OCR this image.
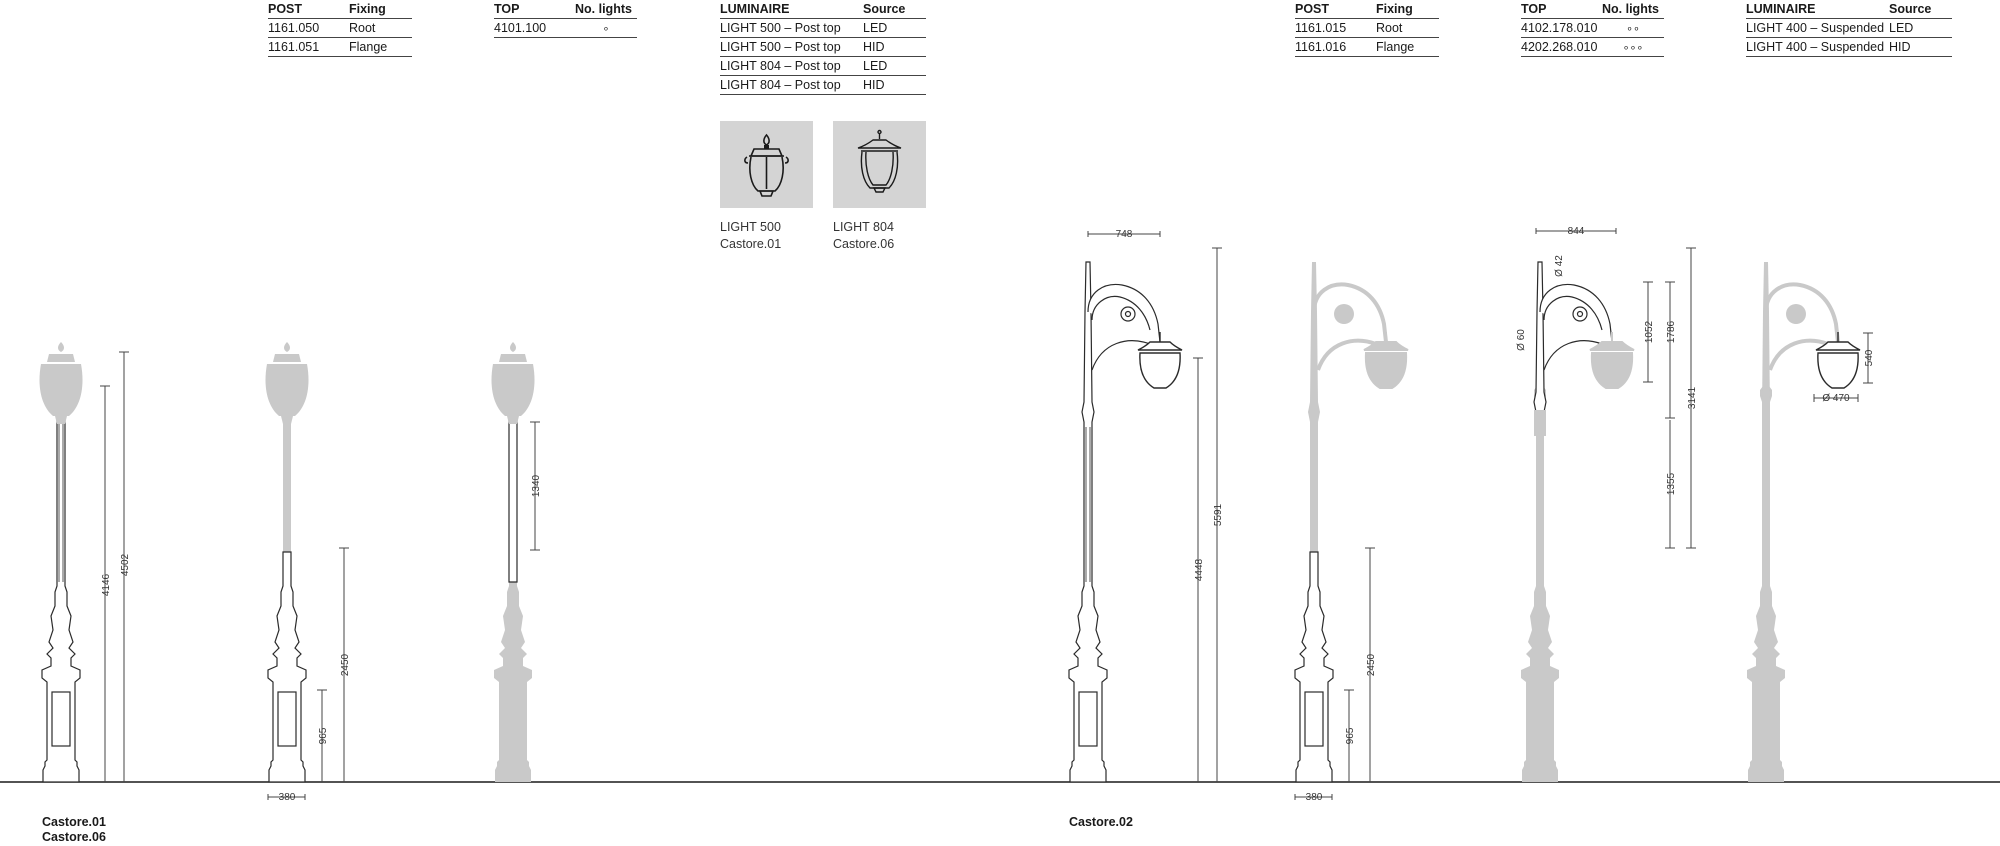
POST	Fixing
1161.050	Root
1161.051	Flange
TOP	No. lights
4101.100	∘
LUMINAIRE	Source
LIGHT 500 – Post top	LED
LIGHT 500 – Post top	HID
LIGHT 804 – Post top	LED
LIGHT 804 – Post top	HID
POST	Fixing
1161.015	Root
1161.016	Flange
TOP	No. lights
4102.178.010	∘∘
4202.268.010	∘∘∘
LUMINAIRE	Source
LIGHT 400 – Suspended LED
LIGHT 400 – Suspended HID
LIGHT 500
Castore.01
LIGHT 804
Castore.06
4146
4502
380
965
2450
1340
748
4448
5591
380
965
2450
844
Ø 42
Ø 60	1052 1786
3141
1355
540
Ø 470
Castore.01
Castore.06
Castore.02
